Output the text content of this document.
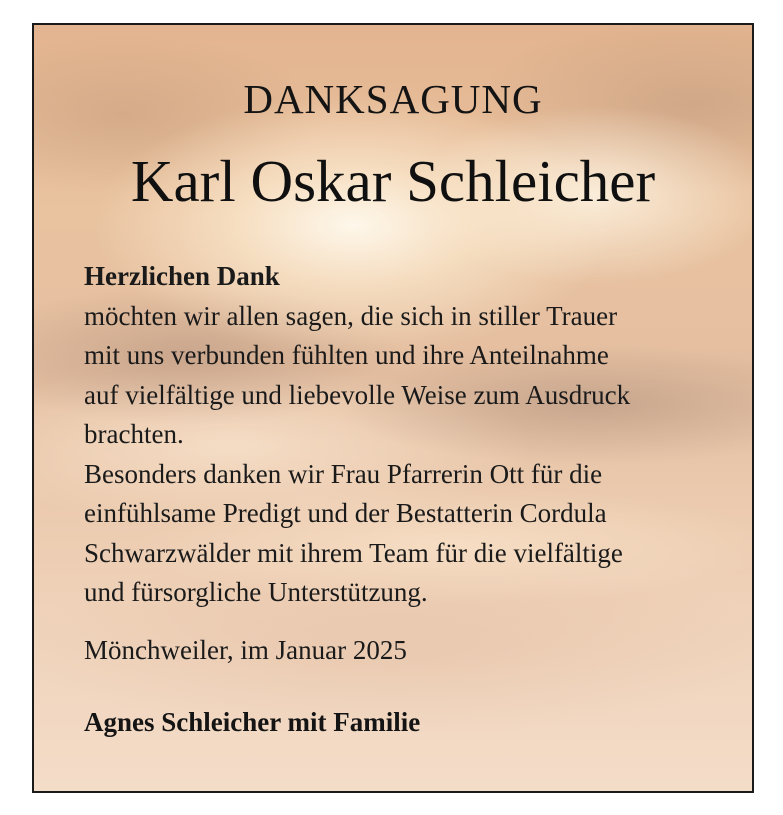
DANKSAGUNG
Karl Oskar Schleicher
Herzlichen Dank
möchten wir allen sagen, die sich in stiller Trauer
mit uns verbunden fühlten und ihre Anteilnahme
auf vielfältige und liebevolle Weise zum Ausdruck
brachten.
Besonders danken wir Frau Pfarrerin Ott für die
einfühlsame Predigt und der Bestatterin Cordula
Schwarzwälder mit ihrem Team für die vielfältige
und fürsorgliche Unterstützung.
Mönchweiler, im Januar 2025
Agnes Schleicher mit Familie
